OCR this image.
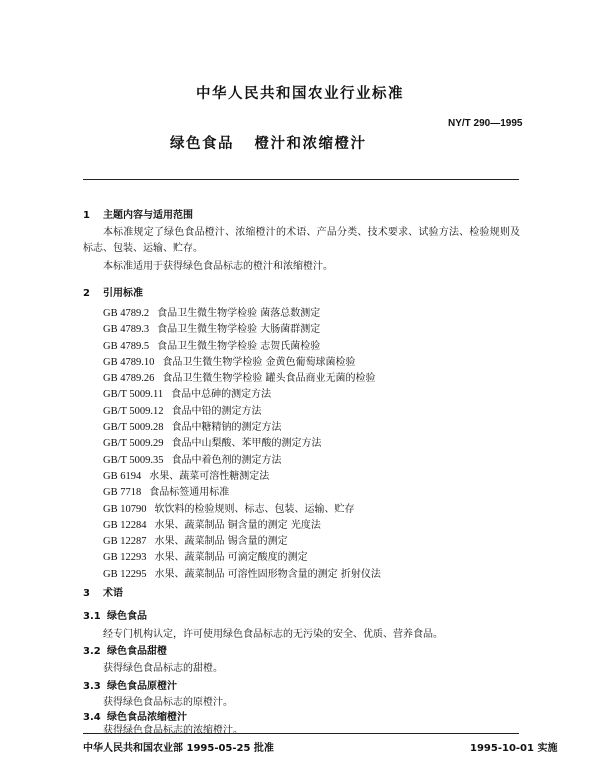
中华人民共和国农业行业标准
NY/T 290—1995
绿色食品 橙汁和浓缩橙汁
1 主题内容与适用范围
本标准规定了绿色食品橙汁、浓缩橙汁的术语、产品分类、技术要求、试验方法、检验规则及标志、包装、运输、贮存。
本标准适用于获得绿色食品标志的橙汁和浓缩橙汁。
2 引用标准
GB 4789.2 食品卫生微生物学检验 菌落总数测定
GB 4789.3 食品卫生微生物学检验 大肠菌群测定
GB 4789.5 食品卫生微生物学检验 志贺氏菌检验
GB 4789.10 食品卫生微生物学检验 金黄色葡萄球菌检验
GB 4789.26 食品卫生微生物学检验 罐头食品商业无菌的检验
GB/T 5009.11 食品中总砷的测定方法
GB/T 5009.12 食品中铅的测定方法
GB/T 5009.28 食品中糖精钠的测定方法
GB/T 5009.29 食品中山梨酸、苯甲酸的测定方法
GB/T 5009.35 食品中着色剂的测定方法
GB 6194 水果、蔬菜可溶性糖测定法
GB 7718 食品标签通用标准
GB 10790 软饮料的检验规则、标志、包装、运输、贮存
GB 12284 水果、蔬菜制品 铜含量的测定 光度法
GB 12287 水果、蔬菜制品 锡含量的测定
GB 12293 水果、蔬菜制品 可滴定酸度的测定
GB 12295 水果、蔬菜制品 可溶性固形物含量的测定 折射仪法
3 术语
3.1 绿色食品
经专门机构认定，许可使用绿色食品标志的无污染的安全、优质、营养食品。
3.2 绿色食品甜橙
获得绿色食品标志的甜橙。
3.3 绿色食品原橙汁
获得绿色食品标志的原橙汁。
3.4 绿色食品浓缩橙汁
获得绿色食品标志的浓缩橙汁。
中华人民共和国农业部 1995-05-25 批准	1995-10-01 实施
